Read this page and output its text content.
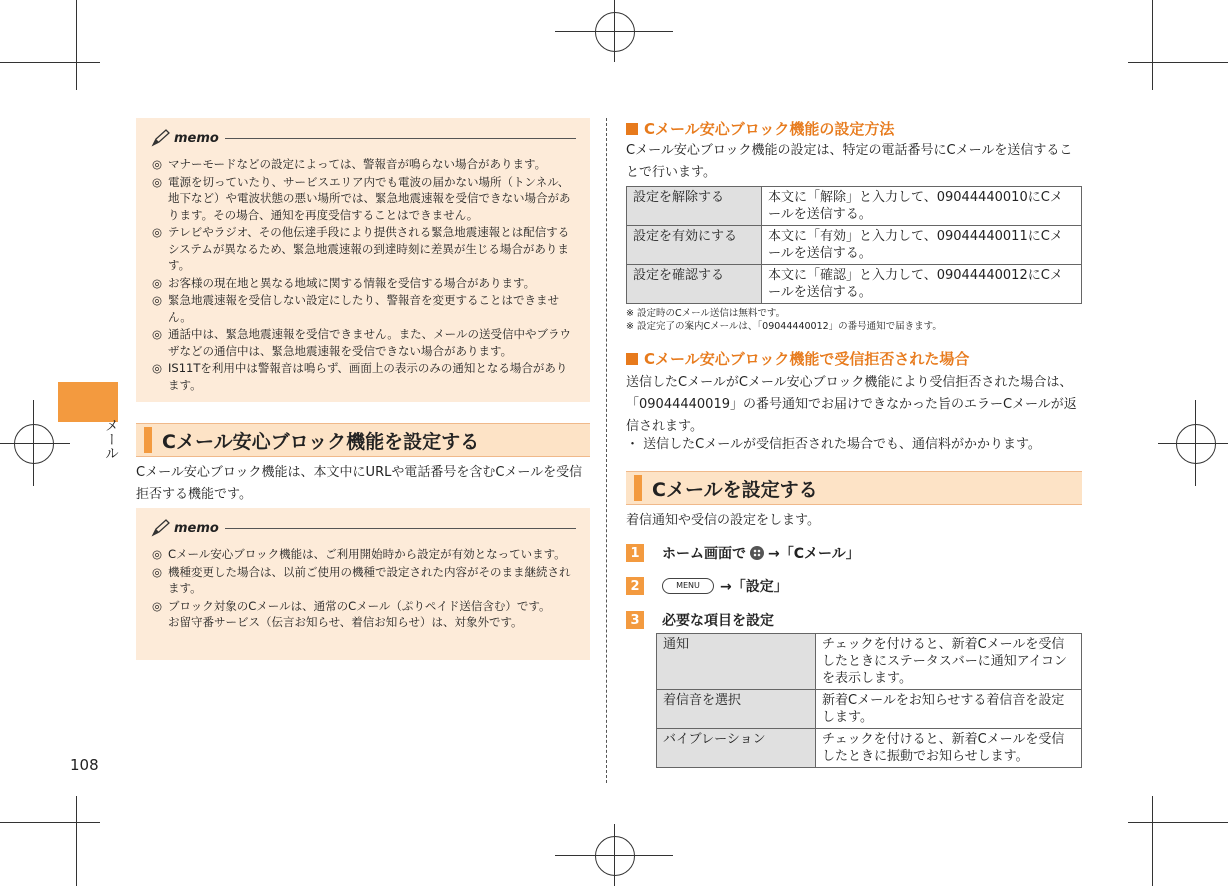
メール
108
memo
◎ マナーモードなどの設定によっては、警報音が鳴らない場合があります。
◎ 電源を切っていたり、サービスエリア内でも電波の届かない場所（トンネル、地下など）や電波状態の悪い場所では、緊急地震速報を受信できない場合があります。その場合、通知を再度受信することはできません。
◎ テレビやラジオ、その他伝達手段により提供される緊急地震速報とは配信するシステムが異なるため、緊急地震速報の到達時刻に差異が生じる場合があります。
◎ お客様の現在地と異なる地域に関する情報を受信する場合があります。
◎ 緊急地震速報を受信しない設定にしたり、警報音を変更することはできません。
◎ 通話中は、緊急地震速報を受信できません。また、メールの送受信中やブラウザなどの通信中は、緊急地震速報を受信できない場合があります。
◎ IS11Tを利用中は警報音は鳴らず、画面上の表示のみの通知となる場合があります。
Cメール安心ブロック機能を設定する
Cメール安心ブロック機能は、本文中にURLや電話番号を含むCメールを受信拒否する機能です。
memo
◎ Cメール安心ブロック機能は、ご利用開始時から設定が有効となっています。
◎ 機種変更した場合は、以前ご使用の機種で設定された内容がそのまま継続されます。
◎ ブロック対象のCメールは、通常のCメール（ぷりペイド送信含む）です。
お留守番サービス（伝言お知らせ、着信お知らせ）は、対象外です。
Cメール安心ブロック機能の設定方法
Cメール安心ブロック機能の設定は、特定の電話番号にCメールを送信することで行います。
設定を解除する	本文に「解除」と入力して、09044440010にCメールを送信する。
設定を有効にする	本文に「有効」と入力して、09044440011にCメールを送信する。
設定を確認する	本文に「確認」と入力して、09044440012にCメールを送信する。
※ 設定時のCメール送信は無料です。
※ 設定完了の案内Cメールは、「09044440012」の番号通知で届きます。
Cメール安心ブロック機能で受信拒否された場合
送信したCメールがCメール安心ブロック機能により受信拒否された場合は、「09044440019」の番号通知でお届けできなかった旨のエラーCメールが返信されます。
・ 送信したCメールが受信拒否された場合でも、通信料がかかります。
Cメールを設定する
着信通知や受信の設定をします。
1	ホーム画面で →「Cメール」
2	MENU	→「設定」
3	必要な項目を設定
通知	チェックを付けると、新着Cメールを受信したときにステータスバーに通知アイコンを表示します。
着信音を選択	新着Cメールをお知らせする着信音を設定します。
バイブレーション	チェックを付けると、新着Cメールを受信したときに振動でお知らせします。
